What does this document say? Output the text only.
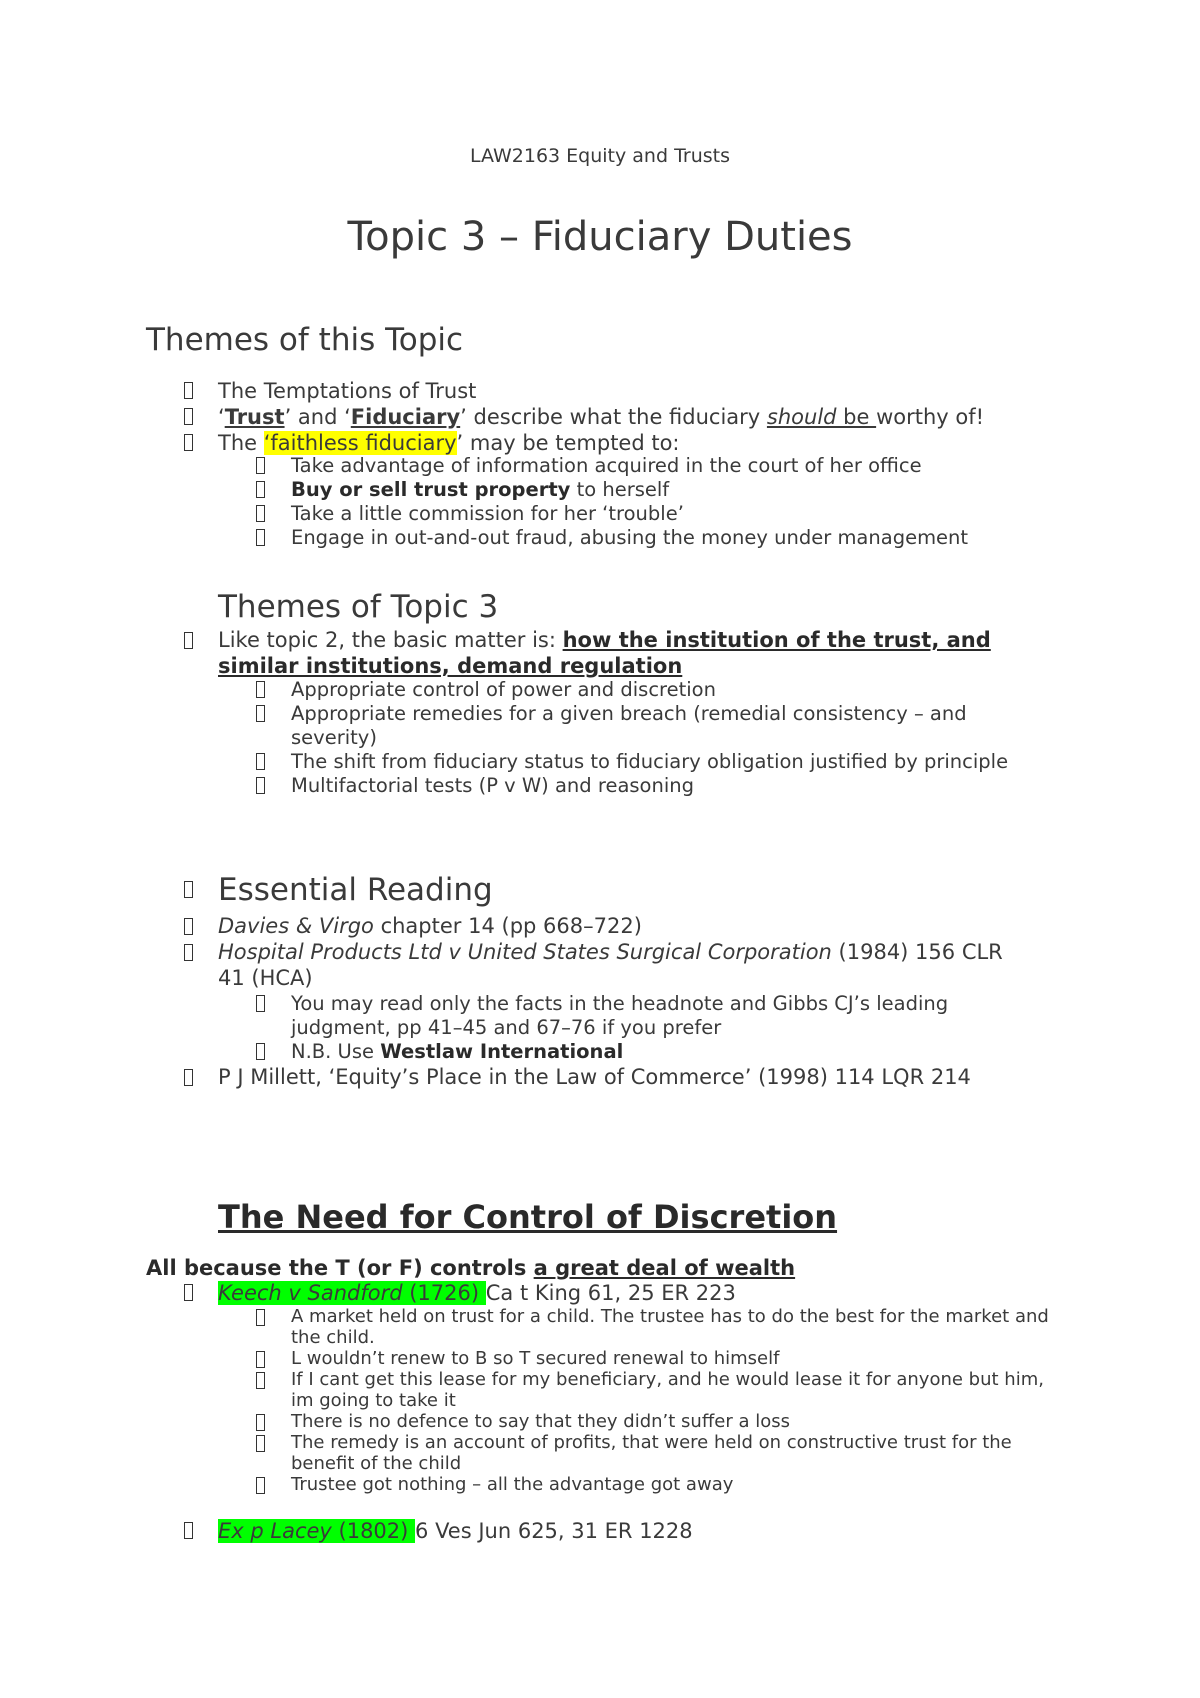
LAW2163 Equity and Trusts
Topic 3 – Fiduciary Duties
Themes of this Topic
The Temptations of Trust
‘Trust’ and ‘Fiduciary’ describe what the fiduciary should be worthy of!
The ‘faithless fiduciary’ may be tempted to:
Take advantage of information acquired in the court of her office
Buy or sell trust property to herself
Take a little commission for her ‘trouble’
Engage in out-and-out fraud, abusing the money under management
Themes of Topic 3
Like topic 2, the basic matter is: how the institution of the trust, and
similar institutions, demand regulation
Appropriate control of power and discretion
Appropriate remedies for a given breach (remedial consistency – and
severity)
The shift from fiduciary status to fiduciary obligation justified by principle
Multifactorial tests (P v W) and reasoning
Essential Reading
Davies & Virgo chapter 14 (pp 668–722)
Hospital Products Ltd v United States Surgical Corporation (1984) 156 CLR
41 (HCA)
You may read only the facts in the headnote and Gibbs CJ’s leading
judgment, pp 41–45 and 67–76 if you prefer
N.B. Use Westlaw International
P J Millett, ‘Equity’s Place in the Law of Commerce’ (1998) 114 LQR 214
The Need for Control of Discretion
All because the T (or F) controls a great deal of wealth
Keech v Sandford (1726) Ca t King 61, 25 ER 223
A market held on trust for a child. The trustee has to do the best for the market and
the child.
L wouldn’t renew to B so T secured renewal to himself
If I cant get this lease for my beneficiary, and he would lease it for anyone but him,
im going to take it
There is no defence to say that they didn’t suffer a loss
The remedy is an account of profits, that were held on constructive trust for the
benefit of the child
Trustee got nothing – all the advantage got away
Ex p Lacey (1802) 6 Ves Jun 625, 31 ER 1228
